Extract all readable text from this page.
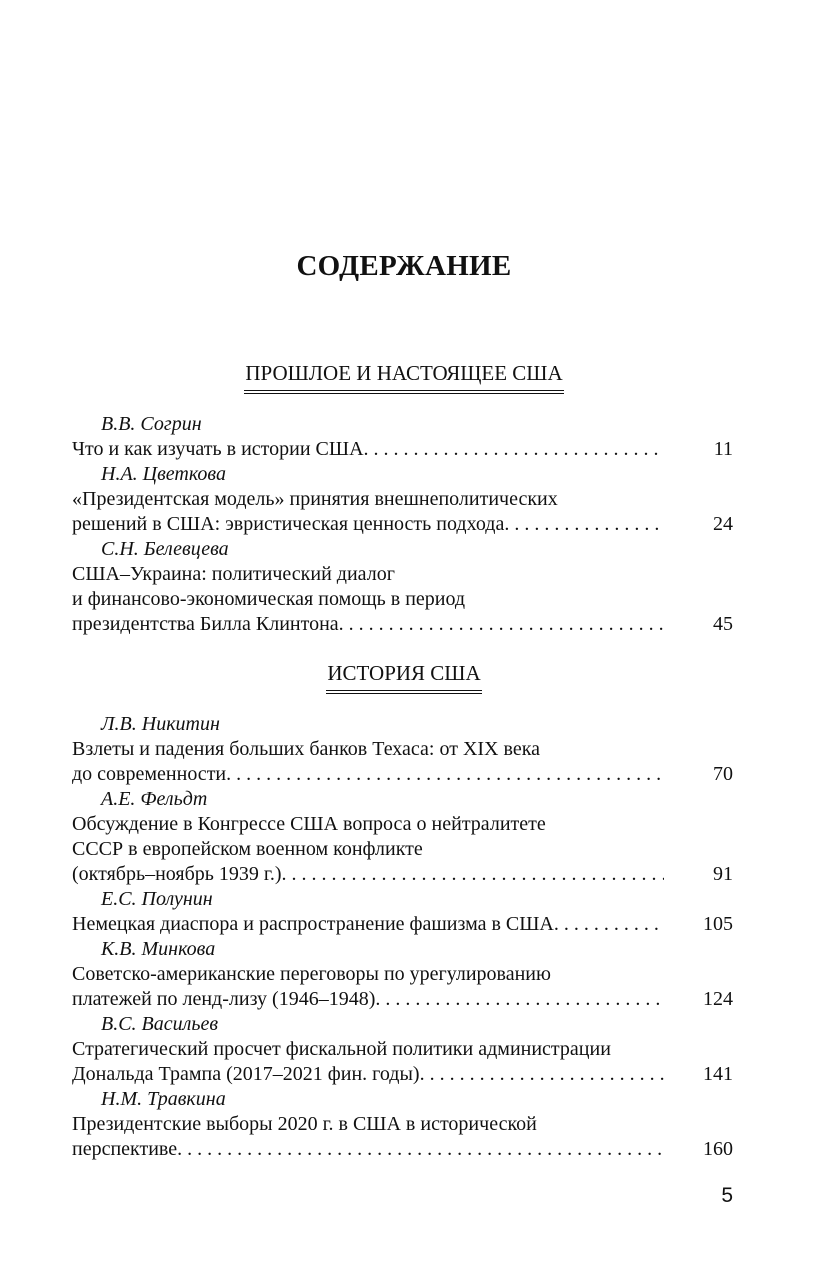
СОДЕРЖАНИЕ
ПРОШЛОЕ И НАСТОЯЩЕЕ США
В.В. Согрин
Что и как изучать в истории США . . .	11
Н.А. Цветкова
«Президентская модель» принятия внешнеполитических
решений в США: эвристическая ценность подхода . . .	24
С.Н. Белевцева
США–Украина: политический диалог
и финансово-экономическая помощь в период
президентства Билла Клинтона . . .	45
ИСТОРИЯ США
Л.В. Никитин
Взлеты и падения больших банков Техаса: от XIX века
до современности . . .	70
А.Е. Фельдт
Обсуждение в Конгрессе США вопроса о нейтралитете
СССР в европейском военном конфликте
(октябрь–ноябрь 1939 г.) . . .	91
Е.С. Полунин
Немецкая диаспора и распространение фашизма в США . . .	105
К.В. Минкова
Советско-американские переговоры по урегулированию
платежей по ленд-лизу (1946–1948) . . .	124
В.С. Васильев
Стратегический просчет фискальной политики администрации
Дональда Трампа (2017–2021 фин. годы) . . .	141
Н.М. Травкина
Президентские выборы 2020 г. в США в исторической
перспективе . . .	160
5
